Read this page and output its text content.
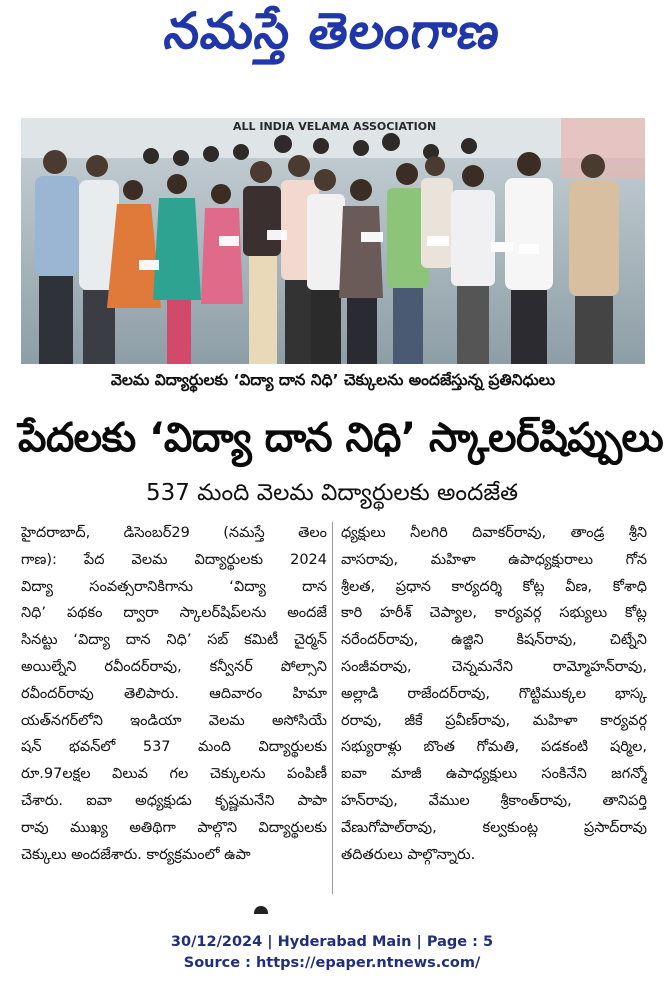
నమస్తే తెలంగాణ
ALL INDIA VELAMA ASSOCIATION
వెలమ విద్యార్థులకు ‘విద్యా దాన నిధి’ చెక్కులను అందజేస్తున్న ప్రతినిధులు
పేదలకు ‘విద్యా దాన నిధి’ స్కాలర్‌షిప్పులు
537 మంది వెలమ విద్యార్థులకు అందజేత
హైదరాబాద్, డిసెంబర్29 (నమస్తే తెలం
గాణ): పేద వెలమ విద్యార్థులకు 2024
విద్యా సంవత్సరానికిగాను ‘విద్యా దాన
నిధి’ పథకం ద్వారా స్కాలర్‌షిప్‌లను అందజే
సినట్టు ‘విద్యా దాన నిధి’ సబ్ కమిటీ చైర్మన్
అయిల్నేని రవీందర్‌రావు, కన్వీనర్ పోల్సాని
రవీందర్‌రావు తెలిపారు. ఆదివారం హిమా
యత్‌నగర్‌లోని ఇండియా వెలమ అసోసియే
షన్ భవన్‌లో 537 మంది విద్యార్థులకు
రూ.97లక్షల విలువ గల చెక్కులను పంపిణీ
చేశారు. ఐవా అధ్యక్షుడు కృష్ణమనేని పాపా
రావు ముఖ్య అతిథిగా పాల్గొని విద్యార్థులకు
చెక్కులు అందజేశారు. కార్యక్రమంలో ఉపా
ధ్యక్షులు నీలగిరి దివాకర్‌రావు, తాండ్ర శ్రీని
వాసరావు, మహిళా ఉపాధ్యక్షురాలు గోన
శ్రీలత, ప్రధాన కార్యదర్శి కోట్ల వీణ, కోశాధి
కారి హరీశ్ చెప్యాల, కార్యవర్గ సభ్యులు కోట్ల
నరేందర్‌రావు, ఉజ్జిని కిషన్‌రావు, చిట్నేని
సంజీవరావు, చెన్నమనేని రామ్మోహన్‌రావు,
అల్లాడి రాజేందర్‌రావు, గొట్టిముక్కల భాస్క
రరావు, జీకే ప్రవీణ్‌రావు, మహిళా కార్యవర్గ
సభ్యురాళ్లు బొంత గోమతి, పడకంటి షర్మిల,
ఐవా మాజీ ఉపాధ్యక్షులు సంకినేని జగన్మో
హన్‌రావు, వేముల శ్రీకాంత్‌రావు, తానిపర్తి
వేణుగోపాల్‌రావు, కల్వకుంట్ల ప్రసాద్‌రావు
తదితరులు పాల్గొన్నారు.
30/12/2024 | Hyderabad Main | Page : 5
Source : https://epaper.ntnews.com/
